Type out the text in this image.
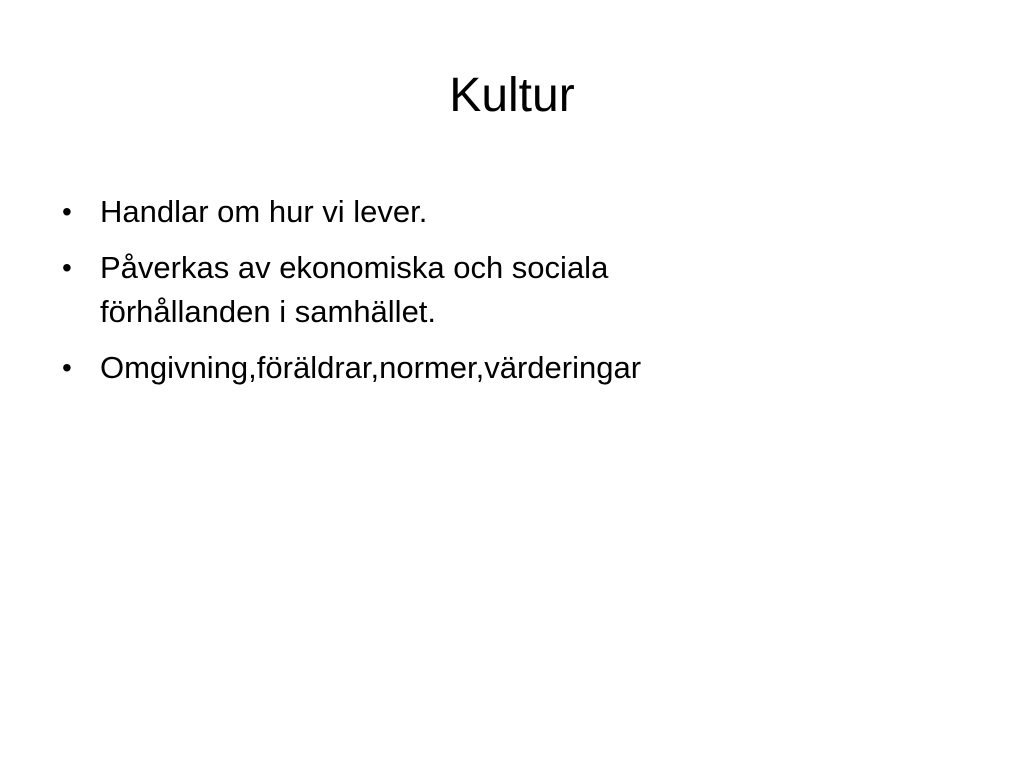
Kultur
• Handlar om hur vi lever.
• Påverkas av ekonomiska och sociala förhållanden i samhället.
• Omgivning,föräldrar,normer,värderingar
